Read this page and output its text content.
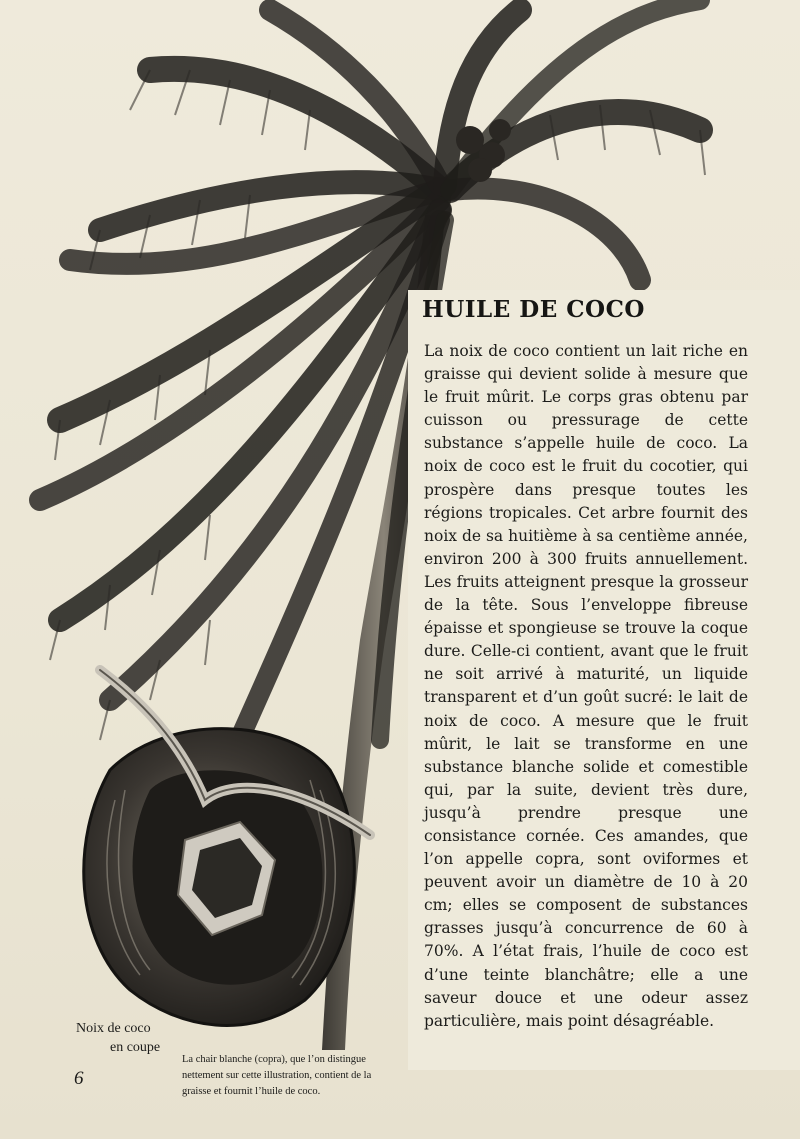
HUILE DE COCO

La noix de coco contient un lait riche en graisse qui devient solide à mesure que le fruit mûrit. Le corps gras obtenu par cuisson ou pressurage de cette substance s’appelle huile de coco. La noix de coco est le fruit du cocotier, qui prospère dans presque toutes les régions tropicales. Cet arbre fournit des noix de sa huitième à sa centième année, environ 200 à 300 fruits annuellement. Les fruits atteignent presque la grosseur de la tête. Sous l’enveloppe fibreuse épaisse et spongieuse se trouve la coque dure. Celle-ci contient, avant que le fruit ne soit arrivé à maturité, un liquide transparent et d’un goût sucré: le lait de noix de coco. A mesure que le fruit mûrit, le lait se transforme en une substance blanche solide et comestible qui, par la suite, devient très dure, jusqu’à prendre presque une consistance cornée. Ces amandes, que l’on appelle copra, sont oviformes et peuvent avoir un diamètre de 10 à 20 cm; elles se composent de substances grasses jusqu’à concurrence de 60 à 70%. A l’état frais, l’huile de coco est d’une teinte blanchâtre; elle a une saveur douce et une odeur assez particulière, mais point désagréable.

Noix de coco
en coupe
La chair blanche (copra), que l’on distingue nettement sur cette illustration, contient de la graisse et fournit l’huile de coco.
6
